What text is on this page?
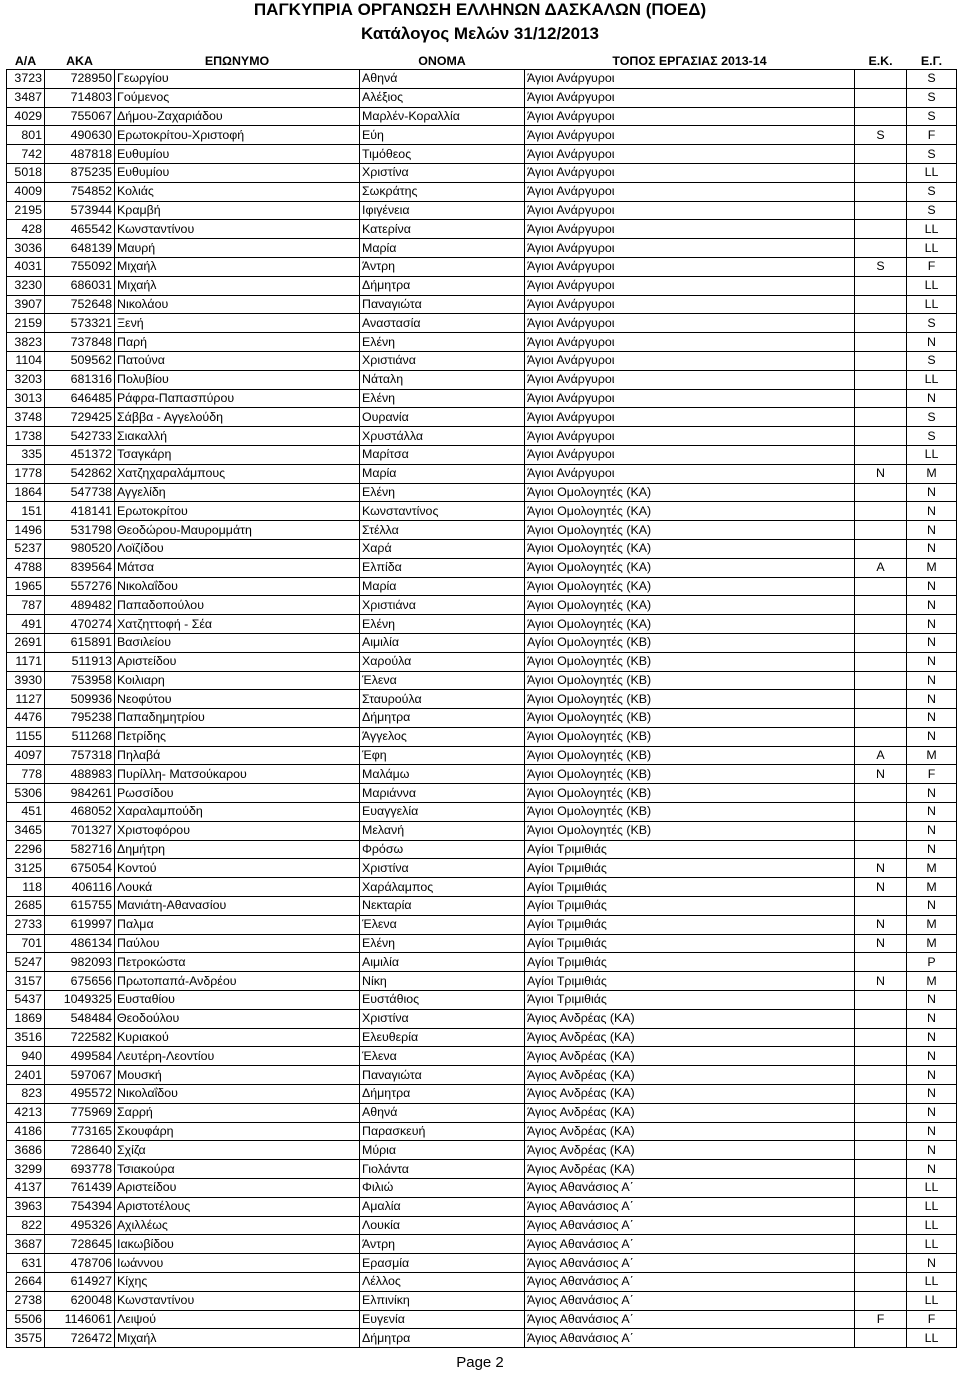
ΠΑΓΚΥΠΡΙΑ ΟΡΓΑΝΩΣΗ ΕΛΛΗΝΩΝ ΔΑΣΚΑΛΩΝ (ΠΟΕΔ)
Κατάλογος Μελών 31/12/2013
Α/Α	ΑΚΑ	ΕΠΩΝΥΜΟ	ΟΝΟΜΑ	ΤΟΠΟΣ ΕΡΓΑΣΙΑΣ 2013-14	Ε.Κ.	Ε.Γ.
3723	728950	Γεωργίου	Αθηνά	Άγιοι Ανάργυροι		S
3487	714803	Γούμενος	Αλέξιος	Άγιοι Ανάργυροι		S
4029	755067	Δήμου-Ζαχαριάδου	Μαρλέν-Κοραλλία	Άγιοι Ανάργυροι		S
801	490630	Ερωτοκρίτου-Χριστοφή	Εύη	Άγιοι Ανάργυροι	S	F
742	487818	Ευθυμίου	Τιμόθεος	Άγιοι Ανάργυροι		S
5018	875235	Ευθυμίου	Χριστίνα	Άγιοι Ανάργυροι		LL
4009	754852	Κολιάς	Σωκράτης	Άγιοι Ανάργυροι		S
2195	573944	Κραμβή	Ιφιγένεια	Άγιοι Ανάργυροι		S
428	465542	Κωνσταντίνου	Κατερίνα	Άγιοι Ανάργυροι		LL
3036	648139	Μαυρή	Μαρία	Άγιοι Ανάργυροι		LL
4031	755092	Μιχαήλ	Άντρη	Άγιοι Ανάργυροι	S	F
3230	686031	Μιχαήλ	Δήμητρα	Άγιοι Ανάργυροι		LL
3907	752648	Νικολάου	Παναγιώτα	Άγιοι Ανάργυροι		LL
2159	573321	Ξενή	Αναστασία	Άγιοι Ανάργυροι		S
3823	737848	Παρή	Ελένη	Άγιοι Ανάργυροι		N
1104	509562	Πατούνα	Χριστιάνα	Άγιοι Ανάργυροι		S
3203	681316	Πολυβίου	Νάταλη	Άγιοι Ανάργυροι		LL
3013	646485	Ράφρα-Παπασπύρου	Ελένη	Άγιοι Ανάργυροι		N
3748	729425	Σάββα - Αγγελούδη	Ουρανία	Άγιοι Ανάργυροι		S
1738	542733	Σιακαλλή	Χρυστάλλα	Άγιοι Ανάργυροι		S
335	451372	Τσαγκάρη	Μαρίτσα	Άγιοι Ανάργυροι		LL
1778	542862	Χατζηχαραλάμπους	Μαρία	Άγιοι Ανάργυροι	N	M
1864	547738	Αγγελίδη	Ελένη	Άγιοι Ομολογητές (ΚΑ)		N
151	418141	Ερωτοκρίτου	Κωνσταντίνος	Άγιοι Ομολογητές (ΚΑ)		N
1496	531798	Θεοδώρου-Μαυρομμάτη	Στέλλα	Άγιοι Ομολογητές (ΚΑ)		N
5237	980520	Λοϊζίδου	Χαρά	Άγιοι Ομολογητές (ΚΑ)		N
4788	839564	Μάτσα	Ελπίδα	Άγιοι Ομολογητές (ΚΑ)	A	M
1965	557276	Νικολαΐδου	Μαρία	Άγιοι Ομολογητές (ΚΑ)		N
787	489482	Παπαδοπούλου	Χριστιάνα	Άγιοι Ομολογητές (ΚΑ)		N
491	470274	Χατζηττοφή - Σέα	Ελένη	Άγιοι Ομολογητές (ΚΑ)		N
2691	615891	Βασιλείου	Αιμιλία	Αγίοι Ομολογητές (ΚΒ)		N
1171	511913	Αριστείδου	Χαρούλα	Άγιοι Ομολογητές (ΚΒ)		N
3930	753958	Κοιλιαρη	Έλενα	Άγιοι Ομολογητές (ΚΒ)		N
1127	509936	Νεοφύτου	Σταυρούλα	Άγιοι Ομολογητές (ΚΒ)		N
4476	795238	Παπαδημητρίου	Δήμητρα	Άγιοι Ομολογητές (ΚΒ)		N
1155	511268	Πετρίδης	Άγγελος	Άγιοι Ομολογητές (ΚΒ)		N
4097	757318	Πηλαβά	Έφη	Άγιοι Ομολογητές (ΚΒ)	A	M
778	488983	Πυρίλλη- Ματσούκαρου	Μαλάμω	Άγιοι Ομολογητές (ΚΒ)	N	F
5306	984261	Ρωσσίδου	Μαριάννα	Άγιοι Ομολογητές (ΚΒ)		N
451	468052	Χαραλαμπούδη	Ευαγγελία	Άγιοι Ομολογητές (ΚΒ)		N
3465	701327	Χριστοφόρου	Μελανή	Άγιοι Ομολογητές (ΚΒ)		N
2296	582716	Δημήτρη	Φρόσω	Αγίοι Τριμιθιάς		N
3125	675054	Κοντού	Χριστίνα	Αγίοι Τριμιθιάς	N	M
118	406116	Λουκά	Χαράλαμπος	Αγίοι Τριμιθιάς	N	M
2685	615755	Μανιάτη-Αθανασίου	Νεκταρία	Αγίοι Τριμιθιάς		N
2733	619997	Παλμα	Έλενα	Αγίοι Τριμιθιάς	N	M
701	486134	Παύλου	Ελένη	Αγίοι Τριμιθιάς	N	M
5247	982093	Πετροκώστα	Αιμιλία	Αγίοι Τριμιθιάς		P
3157	675656	Πρωτοπαπά-Ανδρέου	Νίκη	Αγίοι Τριμιθιάς	N	M
5437	1049325	Ευσταθίου	Ευστάθιος	Άγιοι Τριμιθιάς		N
1869	548484	Θεοδούλου	Χριστίνα	Άγιος Ανδρέας (ΚΑ)		N
3516	722582	Κυριακού	Ελευθερία	Άγιος Ανδρέας (ΚΑ)		N
940	499584	Λευτέρη-Λεοντίου	Έλενα	Άγιος Ανδρέας (ΚΑ)		N
2401	597067	Μουσκή	Παναγιώτα	Άγιος Ανδρέας (ΚΑ)		N
823	495572	Νικολαΐδου	Δήμητρα	Άγιος Ανδρέας (ΚΑ)		N
4213	775969	Σαρρή	Αθηνά	Άγιος Ανδρέας (ΚΑ)		N
4186	773165	Σκουφάρη	Παρασκευή	Άγιος Ανδρέας (ΚΑ)		N
3686	728640	Σχίζα	Μύρια	Άγιος Ανδρέας (ΚΑ)		N
3299	693778	Τσιακούρα	Γιολάντα	Άγιος Ανδρέας (ΚΑ)		N
4137	761439	Αριστείδου	Φιλιώ	Άγιος Αθανάσιος Α΄		LL
3963	754394	Αριστοτέλους	Αμαλία	Άγιος Αθανάσιος Α΄		LL
822	495326	Αχιλλέως	Λουκία	Άγιος Αθανάσιος Α΄		LL
3687	728645	Ιακωβίδου	Άντρη	Άγιος Αθανάσιος Α΄		LL
631	478706	Ιωάννου	Ερασμία	Άγιος Αθανάσιος Α΄		N
2664	614927	Κίχης	Λέλλος	Άγιος Αθανάσιος Α΄		LL
2738	620048	Κωνσταντίνου	Ελπινίκη	Άγιος Αθανάσιος Α΄		LL
5506	1146061	Λειψού	Ευγενία	Άγιος Αθανάσιος Α΄	F	F
3575	726472	Μιχαήλ	Δήμητρα	Άγιος Αθανάσιος Α΄		LL
Page 2
